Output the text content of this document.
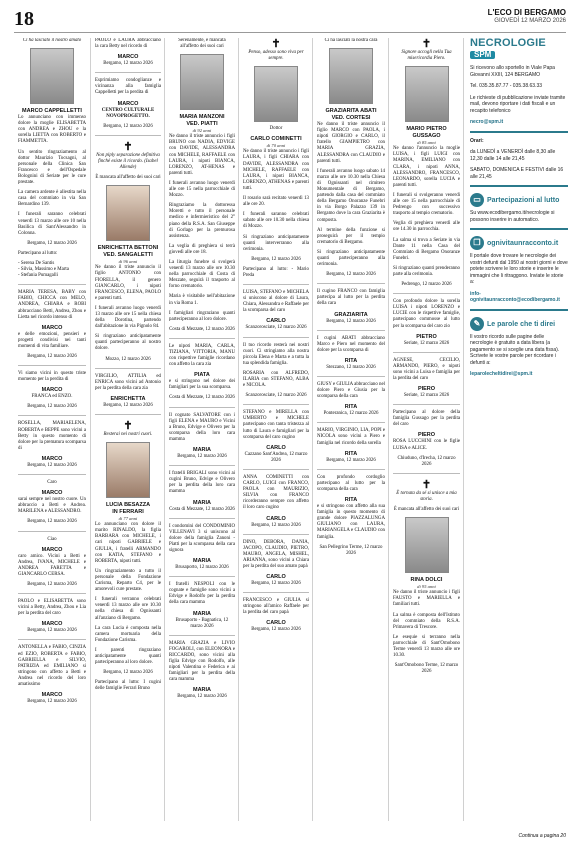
18	L'ECO DI BERGAMO
GIOVEDÌ 12 MARZO 2026

Ci ha lasciato il nostro amato

MARCO CAPPELLETTI

Lo annunciano con immenso dolore la moglie ELISABETTA con ANDREA e ZHOU e la sorella LIETTA con ROBERTO e FIAMMETTA.

Un sentito ringraziamento al dottor Maurizio Tocsagni, al personale della Clinica San Francesco e dell'Ospedale Bolognini di Seriate per le cure prestate.

La camera ardente è allestita nella casa del commiato in via San Bernardino 139.

I funerali saranno celebrati venerdì 13 marzo alle ore 10 nella Basilica di Sant'Alessandro in Colonna.

Bergamo, 12 marzo 2026

Partecipano al lutto:

- Serena De Santis
- Silvia, Massimo e Marta
- Stefania Pumagalli

MARIA TERESA, BABY con FABIO, CHICCA con MELO, ANDREA, CHIARA e ROBI abbracciano Betti, Andrea, Zhou e Lietta nel ricordo intenso di

MARCO

e delle emozioni, pensieri e progetti condivisi nei tanti momenti di vita familiare.

Bergamo, 12 marzo 2026

Vi siamo vicini in questo triste momento per la perdita di

MARCO

FRANCA ed ENZO.

Bergamo, 12 marzo 2026

ROSELLA, MARIAELENA, ROBERTA e BEPPE sono vicini a Betty in questo momento di dolore per la prematura scomparsa di

MARCO

Bergamo, 12 marzo 2026

Caro

MARCO

sarai sempre nel nostro cuore. Un abbraccio a Betti e Andrea. MARILENA e ALESSANDRO.

Bergamo, 12 marzo 2026

Ciao

MARCO

caro amico. Vicini a Betti e Andrea, IVANA, MICHELE e ANDREA FARETTA e GIANCARLO CERSA.

Bergamo, 12 marzo 2026

PAOLO e ELISABETTA sono vicini a Betty, Andrea, Zhou e Lia per la perdita del caro

MARCO

Bergamo, 12 marzo 2026

ANTONELLA e FABIO, CINZIA ed EZIO, ROBERTA e FABIO, GABRIELLA e SILVIO, PATRIZIA ed EMILIANO si stringono con affetto a Betti e Andrea nel ricordo del loro amatissimo

MARCO

Bergamo, 12 marzo 2026

PAOLO e LAURA abbracciano la cara Betty nel ricordo di

MARCO

Bergamo, 12 marzo 2026

Esprimiamo condoglianze e vicinanza alla famiglia Cappelletti per la perdita di

MARCO

CENTRO CULTURALE NOVOPROGETTO.

Bergamo, 12 marzo 2026

✝

Non piply separazione definitiva finché esiste il ricordo. (Isabel Allende)

È mancata all'affetto dei suoi cari

ENRICHETTA BETTONI
VED. SANGALETTI
di 96 anni

Ne danno il triste annuncio il figlio ANTONIO con FIORELLA, il genero GIANCARLO, i nipoti FRANCESCO, ELENA, PAOLO e parenti tutti.

I funerali avranno luogo venerdì 13 marzo alle ore 15 nella chiesa della Dorotina, partendo dall'abitazione in via Pignolo 84.

Si ringraziano anticipatamente quanti parteciperanno al nostro dolore.

Mozzo, 12 marzo 2026

VIRGILIO, ATTILIA ed ENRICA sono vicini ad Antonio per la perdita della cara zia

ENRICHETTA

Bergamo, 12 marzo 2026

✝

Resterai nei nostri cuori.

LUCIA BESAZZA
IN FERRARI
di 77 anni

Lo annunciano con dolore il marito RINALDO, la figlia BARBARA con MICHELE, i cari nipoti GABRIELE e GIULIA, i fratelli ARMANDO con KATIA, STEFANO e ROBERTA, nipoti tutti.

Un ringraziamento a tutto il personale della Fondazione Carisma, Reparto C4, per le amorevoli cure prestate.

I funerali verranno celebrati venerdì 13 marzo alle ore 10.30 nella chiesa di Ognissanti all'anziano di Bergamo.

La cara Lucia è composta nella camera mortuaria della Fondazione Carisma.

I parenti ringraziano anticipatamente quanti parteciperanno al loro dolore.

Bergamo, 12 marzo 2026

Partecipano al lutto: I cugini delle famiglie Ferrari Bruno

Serenamente, è mancata all'affetto dei suoi cari

MARIA MANZONI
VED. PIATTI
di 92 anni

Ne danno il triste annuncio i figli BRUNO con NADIA, EDVIGE con DAVIDE, ALESSANDRA con MICHELE, RAFFAELE con LAURA, i nipoti BIANCA, LORENZO, AT-HENAS e parenti tutti.

I funerali avranno luogo venerdì alle ore 15 nella parrocchiale di Mozzo.

Ringraziamo la dottoressa Moretti e tutto il personale medico e infermieristico del 2° piano della R.S.A. San Giuseppe di Gorlago per la premurosa assistenza.

La veglia di preghiera si terrà giovedì alle ore 18.

La liturgia funebre si svolgerà venerdì 13 marzo alle ore 10.30 nella parrocchiale di Costa di Mezzate, seguirà il trasporto al forno crematorio.

Maria è visitabile nell'abitazione in via Roma 1.

I famigliari ringraziano quanti parteciperanno al loro dolore.

Costa di Mezzate, 12 marzo 2026

Le nipoti MARIA, CARLA, TIZIANA, VITTORIA, MANU con rispettive famiglie ricordano con affetto la cara zia

PIATA

e si stringono nel dolore dei famigliari per la sua scomparsa.

Costa di Mezzate, 12 marzo 2026

Il cognato SALVATORE con i figli ELENA e MAURO e Vicini a Bruno, Edvige e Olivero per la scomparsa della loro cara mamma

MARIA

Bergamo, 12 marzo 2026

I fratelli BRIGALI sono vicini ai cugini Bruno, Edvige e Olivero per la perdita della loro cara mamma

MARIA

Costa di Mezzate, 12 marzo 2026

I condomini del CONDOMINIO VILLENAVI 3 si uniscono al dolore della famiglia Zanoni - Piatti per la scomparsa della cara signora

MARIA

Brusaporto, 12 marzo 2026

I fratelli NESPOLI con le cognate e famiglie sono vicini a Edvige e Rodolfo per la perdita della cara mamma

MARIA

Brusaporto - Bagnatica, 12 marzo 2026

MARIA GRAZIA e LIVIO FOGAROLI, con ELEONORA e RICCARDO, sono vicini alla figlia Edvige con Rodolfo, alle nipoti Valentina e Federica e ai famigliari per la perdita della cara mamma

MARIA

Bergamo, 12 marzo 2026

✝

Penso, adesso sono viva per sempre.

Dottor

CARLO COMINETTI
di 70 anni

Ne danno il triste annuncio i figli LAURA, i figli CHIARA con DAVIDE, ALESSANDRA con MICHELE, RAFFAELE con LAURA, i nipoti BIANCA, LORENZO, ATHENAS e parenti tutti.

Il rosario sarà recitato venerdì 13 alle ore 20.

I funerali saranno celebrati sabato alle ore 10.30 nella chiesa di Mozzo.

Si ringraziano anticipatamente quanti interverranno alla cerimonia.

Bergamo, 12 marzo 2026

Partecipano al lutto: - Mario Preda

LUISA, STEFANO e MICHELA si uniscono al dolore di Laura, Chiara, Alessandra e Raffaele per la scomparsa del caro

CARLO

Scanzorosciate, 12 marzo 2026

Il tuo ricordo resterà nei nostri cuori. Ci stringiamo alla nostra piccola Elena e Marta e a tutta la tua splendida famiglia.

ROSARIA con ALFREDO, ILARIA con STEFANO, ALBA e NICOLA.

Scanzorosciate, 12 marzo 2026

STEFANO e MIRELLA con UMBERTO e MICHELE partecipano con tanta tristezza al lutto di Laura e famigliari per la scomparsa del caro cugino

CARLO

Cazzano Sant'Andrea, 12 marzo 2026

ANNA COMINETTI con CARLO, LUIGI con FRANCO, PAOLA con MAURIZIO, SILVIA con FRANCO ricorderanno sempre con affetto il loro caro cugino

CARLO

Bergamo, 12 marzo 2026

DINO, DEBORA, DANIA, JACOPO, CLAUDIO, PIETRO, MAURO, ANGELA, MISHEL, ARIANNA, sono vicini a Chiara per la perdita del suo amato papà

CARLO

Bergamo, 12 marzo 2026

FRANCESCO e GIULIA si stringono all'amico Raffaele per la perdita del caro papà

CARLO

Bergamo, 12 marzo 2026

Ci ha lasciati la nostra cara

GRAZIARITA ABATI
VED. CORTESI

Ne danno il triste annuncio il figlio MARCO con PAOLA, i nipoti GIORGIO e CARLO, il fratello GIAMPIETRO con MARIA GRAZIA, ALESSANDRA con CLAUDIO e parenti tutti.

I funerali avranno luogo sabato 14 marzo alle ore 10.30 nella Chiesa di Ognissanti nel cimitero Monumentale di Bergamo, partendo dalla casa del commiato della Bergamo Onoranze Funebri in via Borgo Palazzo 139 in Bergamo dove la cara Graziarita è composta.

Al termine della funzione si proseguirà per il tempio crematorio di Bergamo.

Si ringraziano anticipatamente quanti parteciperanno alla cerimonia.

Bergamo, 12 marzo 2026

Il cugino FRANCO con famiglia partecipa al lutto per la perdita della cara

GRAZIARITA

Bergamo, 12 marzo 2026

I cugini ABATI abbracciano Marco e Piero nel momento del dolore per la scomparsa di

RITA

Stezzano, 12 marzo 2026

GIUSY e GIULIA abbracciano nel dolore Piero e Giusia per la scomparsa della cara

RITA

Ponteranica, 12 marzo 2026

MARIO, VIRGINIO, LIA, POPI e NICOLA sono vicini a Piero e famiglia nel ricordo della sorella

RITA

Bergamo, 12 marzo 2026

Con profondo cordoglio partecipano al lutto per la scomparsa della cara

RITA

e si stringono con affetto alla sua famiglia in questo momento di grande dolore PIAZZALUNGA GIULIANO con LAURA, MARIANGELA e CLAUDIO con famiglia.

San Pellegrino Terme, 12 marzo 2026

✝

Signore accogli nella Tua misericordia Piero.

MARIO PIETRO GUSSAGO
di 85 anni

Ne danno l'annuncio la moglie LUISA, i figli LUIGI con MARINA, EMILIANO con CLARA, i nipoti ANNA, ALESSANDRO, FRANCESCO, LEONARDO, sorella LUCIA e parenti tutti.

I funerali si svolgeranno venerdì alle ore 15 nella parrocchiale di Pedrengo con successivo trasporto al tempio crematorio.

Veglia di preghiera venerdì alle ore 14.30 in parrocchia.

La salma si trova a Seriate in via Dante 11 nella Casa del Commiato di Bergamo Onoranze Funebri.

Si ringraziano quanti prenderanno parte alla cerimonia.

Pedrengo, 12 marzo 2026

Con profondo dolore la sorella LUISA i nipoti LORENZO e LUCIE con le rispettive famiglie, partecipano commosse al lutto per la scomparsa del caro zio

PIETRO

Seriate, 12 marzo 2026

AGNESE, CECILIO, ARMANDO, PIERO, e nipoti sono vicini a Luisa e famiglia per la perdita del caro

PIERO

Seriate, 12 marzo 2026

Partecipano al dolore della famiglia Gussago per la perdita del caro

PIERO

ROSA LUCCHINI con le figlie LUISA e ALICE.

Chiuduno, d'Irecha, 12 marzo 2026

✝

È tornata da sé si unisce a mia storia.

È mancata all'affetto dei suoi cari

RINA DOLCI
di 95 anni

Ne danno il triste annuncio i figli FAUSTO e MARIELLA e familiari tutti.

La salma è composta dell'Istituto del commiato della R.S.A. Primavera di Trescore.

Le esequie si terranno nella parrocchiale di Sant'Omobono Terme venerdì 13 marzo alle ore 10.30.

Sant'Omobono Terme, 12 marzo 2026

NECROLOGIE
SPM

Si ricevono allo sportello in Viale Papa Giovanni XXIII, 124 BERGAMO

Tel. 035.35.87.77 - 035.38.63.33

Le richieste di pubblicazione inviate tramite mail, devono riportare i dati fiscali e un recapito telefonico

necro@spm.it

Orari:

da LUNEDÌ a VENERDÌ dalle 8,30 alle 12,30 dalle 14 alle 21,45

SABATO, DOMENICA E FESTIVI dalle 16 alle 21,45

▭ Partecipazioni al lutto

Su www.ecodibergamo.it/necrologie si possono inserire in automatico.

❐ ognivitaunracconto.it

Il portale dove trovare le necrologie dei vostri defunti dal 1950 ai nostri giorni e dove potete scrivere le loro storie e inserire le immagini che li ritraggono. Inviate le storie a:

info-ognivitaunracconto@ecodibergamo.it

✎ Le parole che ti direi

Il vostro ricordo sulle pagine delle necrologie è gratuito a data libera (a pagamento se si sceglie una data fissa). Scrivete le vostre parole per ricordare i defunti a:

leparolecheltidirei@spm.it

Continua a pagina 20
